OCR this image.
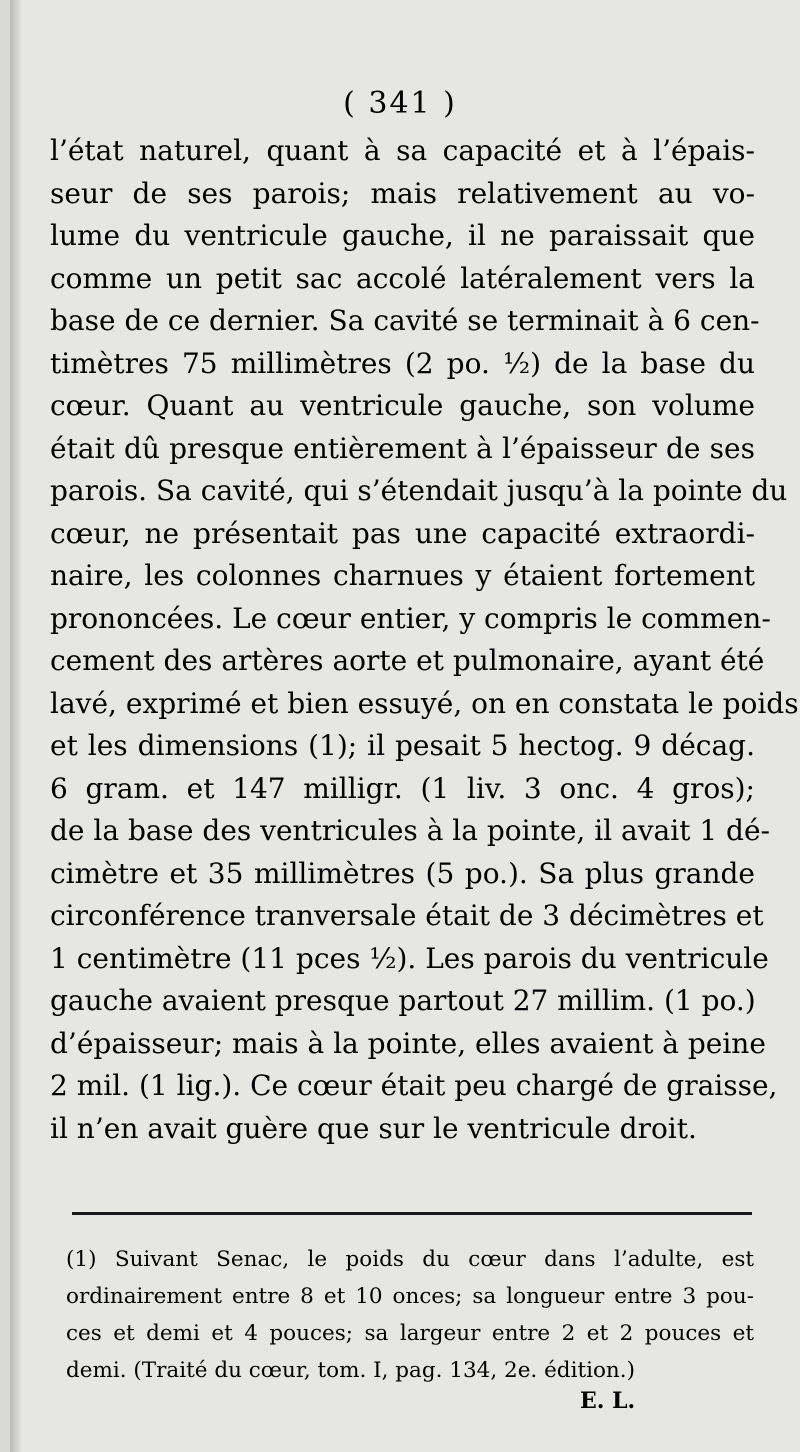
( 341 )
l’état naturel, quant à sa capacité et à l’épais-
seur de ses parois; mais relativement au vo-
lume du ventricule gauche, il ne paraissait que
comme un petit sac accolé latéralement vers la
base de ce dernier. Sa cavité se terminait à 6 cen-
timètres 75 millimètres (2 po. ½) de la base du
cœur. Quant au ventricule gauche, son volume
était dû presque entièrement à l’épaisseur de ses
parois. Sa cavité, qui s’étendait jusqu’à la pointe du
cœur, ne présentait pas une capacité extraordi-
naire, les colonnes charnues y étaient fortement
prononcées. Le cœur entier, y compris le commen-
cement des artères aorte et pulmonaire, ayant été
lavé, exprimé et bien essuyé, on en constata le poids
et les dimensions (1); il pesait 5 hectog. 9 décag.
6 gram. et 147 milligr. (1 liv. 3 onc. 4 gros);
de la base des ventricules à la pointe, il avait 1 dé-
cimètre et 35 millimètres (5 po.). Sa plus grande
circonférence tranversale était de 3 décimètres et
1 centimètre (11 pces ½). Les parois du ventricule
gauche avaient presque partout 27 millim. (1 po.)
d’épaisseur; mais à la pointe, elles avaient à peine
2 mil. (1 lig.). Ce cœur était peu chargé de graisse,
il n’en avait guère que sur le ventricule droit.
(1) Suivant Senac, le poids du cœur dans l’adulte, est
ordinairement entre 8 et 10 onces; sa longueur entre 3 pou-
ces et demi et 4 pouces; sa largeur entre 2 et 2 pouces et
demi. (Traité du cœur, tom. I, pag. 134, 2e. édition.)
E. L.
